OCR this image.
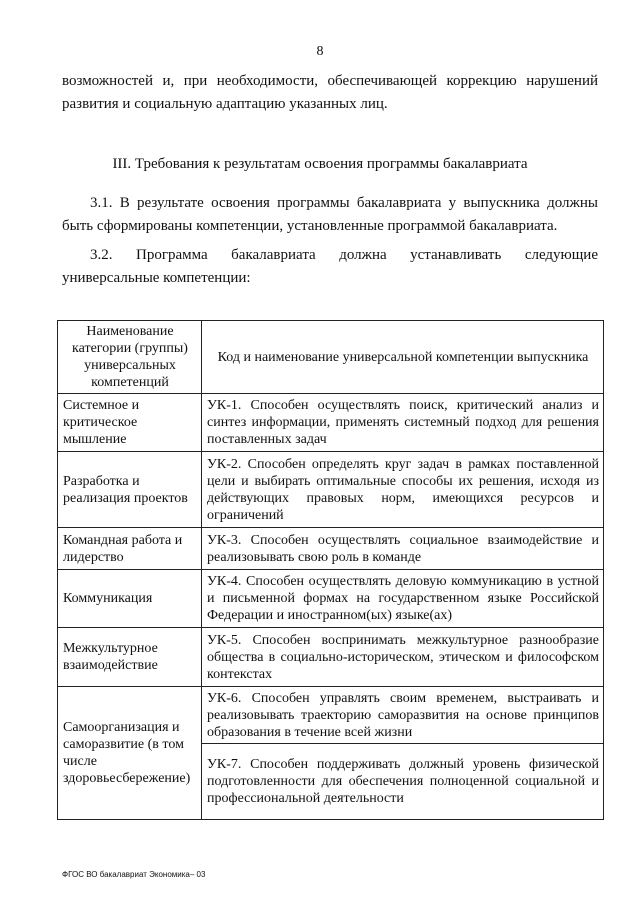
8
возможностей и, при необходимости, обеспечивающей коррекцию нарушений
развития и социальную адаптацию указанных лиц.
III. Требования к результатам освоения программы бакалавриата
3.1. В результате освоения программы бакалавриата у выпускника должны
быть сформированы компетенции, установленные программой бакалавриата.
3.2. Программа бакалавриата должна устанавливать следующие
универсальные компетенции:
Наименование категории (группы) универсальных компетенций	Код и наименование универсальной компетенции выпускника
Системное и критическое мышление	УК-1. Способен осуществлять поиск, критический анализ и синтез информации, применять системный подход для решения поставленных задач
Разработка и реализация проектов	УК-2. Способен определять круг задач в рамках поставленной цели и выбирать оптимальные способы их решения, исходя из действующих правовых норм, имеющихся ресурсов и ограничений
Командная работа и лидерство	УК-3. Способен осуществлять социальное взаимодействие и реализовывать свою роль в команде
Коммуникация	УК-4. Способен осуществлять деловую коммуникацию в устной и письменной формах на государственном языке Российской Федерации и иностранном(ых) языке(ах)
Межкультурное взаимодействие	УК-5. Способен воспринимать межкультурное разнообразие общества в социально-историческом, этическом и философском контекстах
Самоорганизация и саморазвитие (в том числе здоровьесбережение)	УК-6. Способен управлять своим временем, выстраивать и реализовывать траекторию саморазвития на основе принципов образования в течение всей жизни
	УК-7. Способен поддерживать должный уровень физической подготовленности для обеспечения полноценной социальной и профессиональной деятельности
ФГОС ВО бакалавриат Экономика– 03
